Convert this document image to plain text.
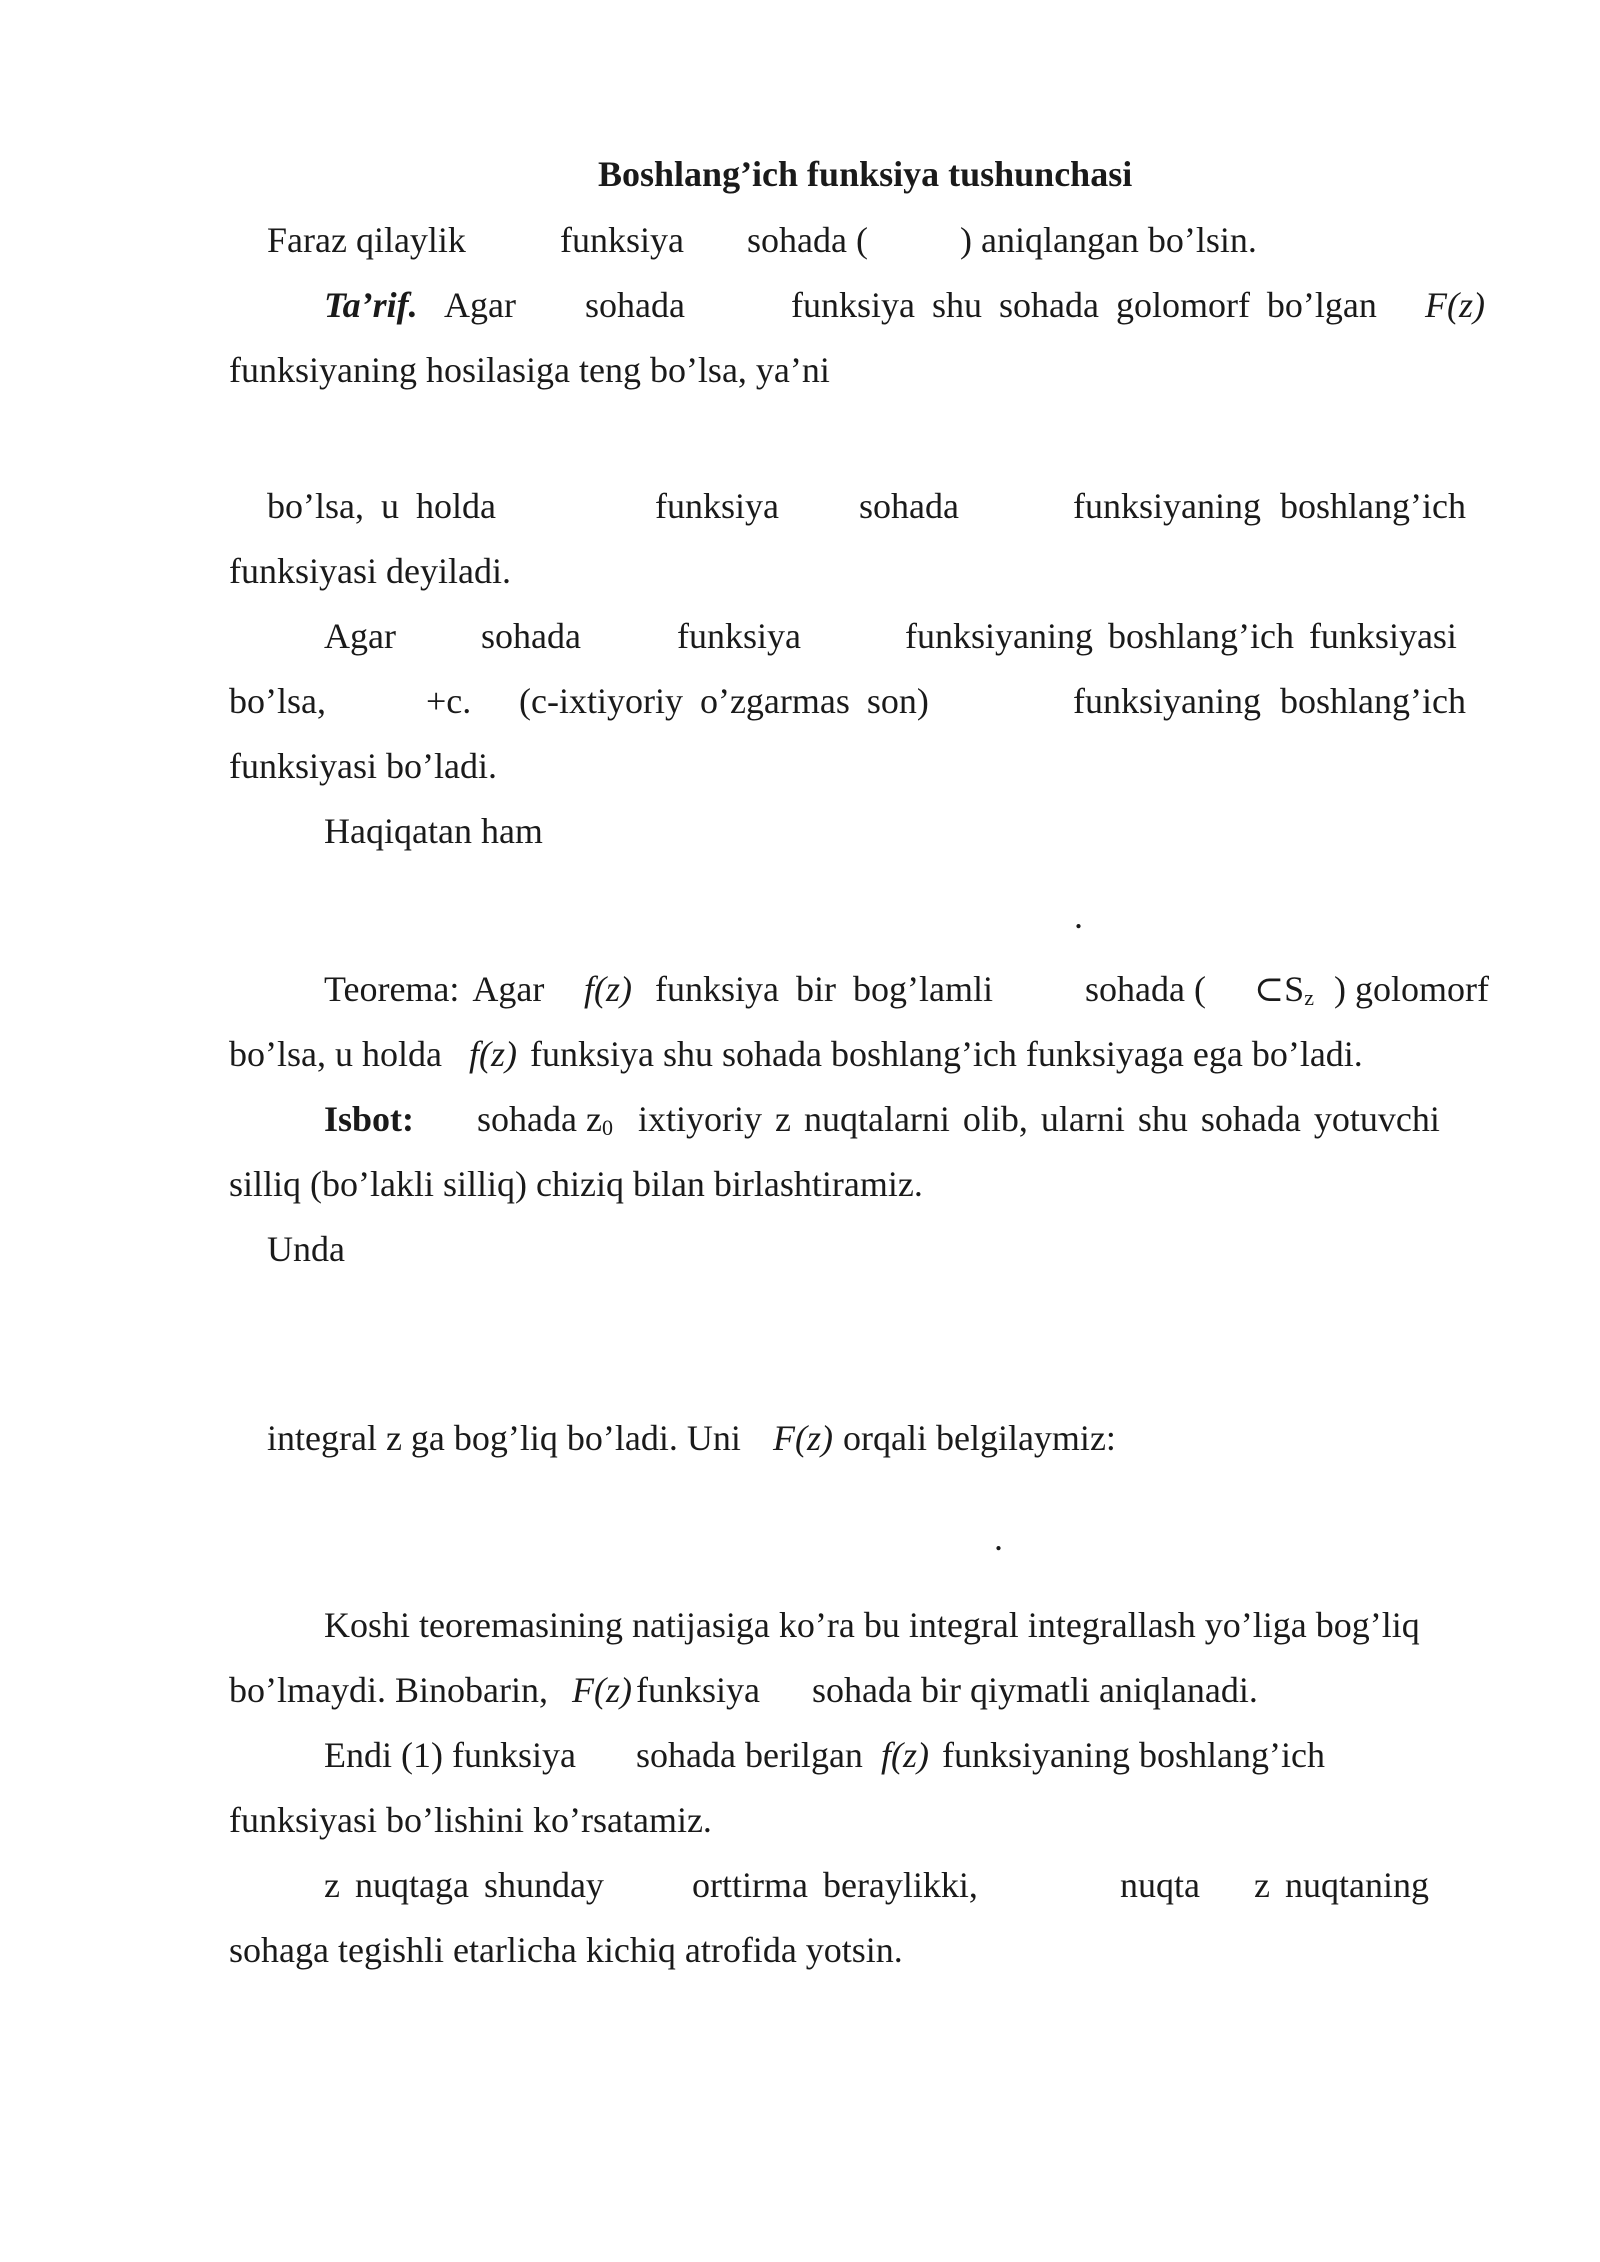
Boshlang’ich funksiya tushunchasi
Faraz qilaylik	funksiya sohada (	) aniqlangan bo’lsin.
Ta’rif. Agar sohada	funksiya shu sohada golomorf bo’lgan F(z)
funksiyaning hosilasiga teng bo’lsa, ya’ni
bo’lsa, u holda	funksiya sohada	funksiyaning boshlang’ich
funksiyasi deyiladi.
Agar sohada	funksiya	funksiyaning boshlang’ich funksiyasi
bo’lsa,	+c. (c-ixtiyoriy o’zgarmas son)	funksiyaning boshlang’ich
funksiyasi bo’ladi.
Haqiqatan ham
.
Teorema: Agar f(z) funksiya bir bog’lamli	sohada ( $\subset S_z$ ) golomorf
bo’lsa, u holda f(z) funksiya shu sohada boshlang’ich funksiyaga ega bo’ladi.
Isbot: sohada $z_0$ ixtiyoriy z nuqtalarni olib, ularni shu sohada yotuvchi
silliq (bo’lakli silliq) chiziq bilan birlashtiramiz.
Unda
integral z ga bog’liq bo’ladi. Uni F(z) orqali belgilaymiz:
.
Koshi teoremasining natijasiga ko’ra bu integral integrallash yo’liga bog’liq
bo’lmaydi. Binobarin, F(z) funksiya sohada bir qiymatli aniqlanadi.
Endi (1) funksiya sohada berilgan f(z) funksiyaning boshlang’ich
funksiyasi bo’lishini ko’rsatamiz.
z nuqtaga shunday orttirma beraylikki,	nuqta z nuqtaning
sohaga tegishli etarlicha kichiq atrofida yotsin.
